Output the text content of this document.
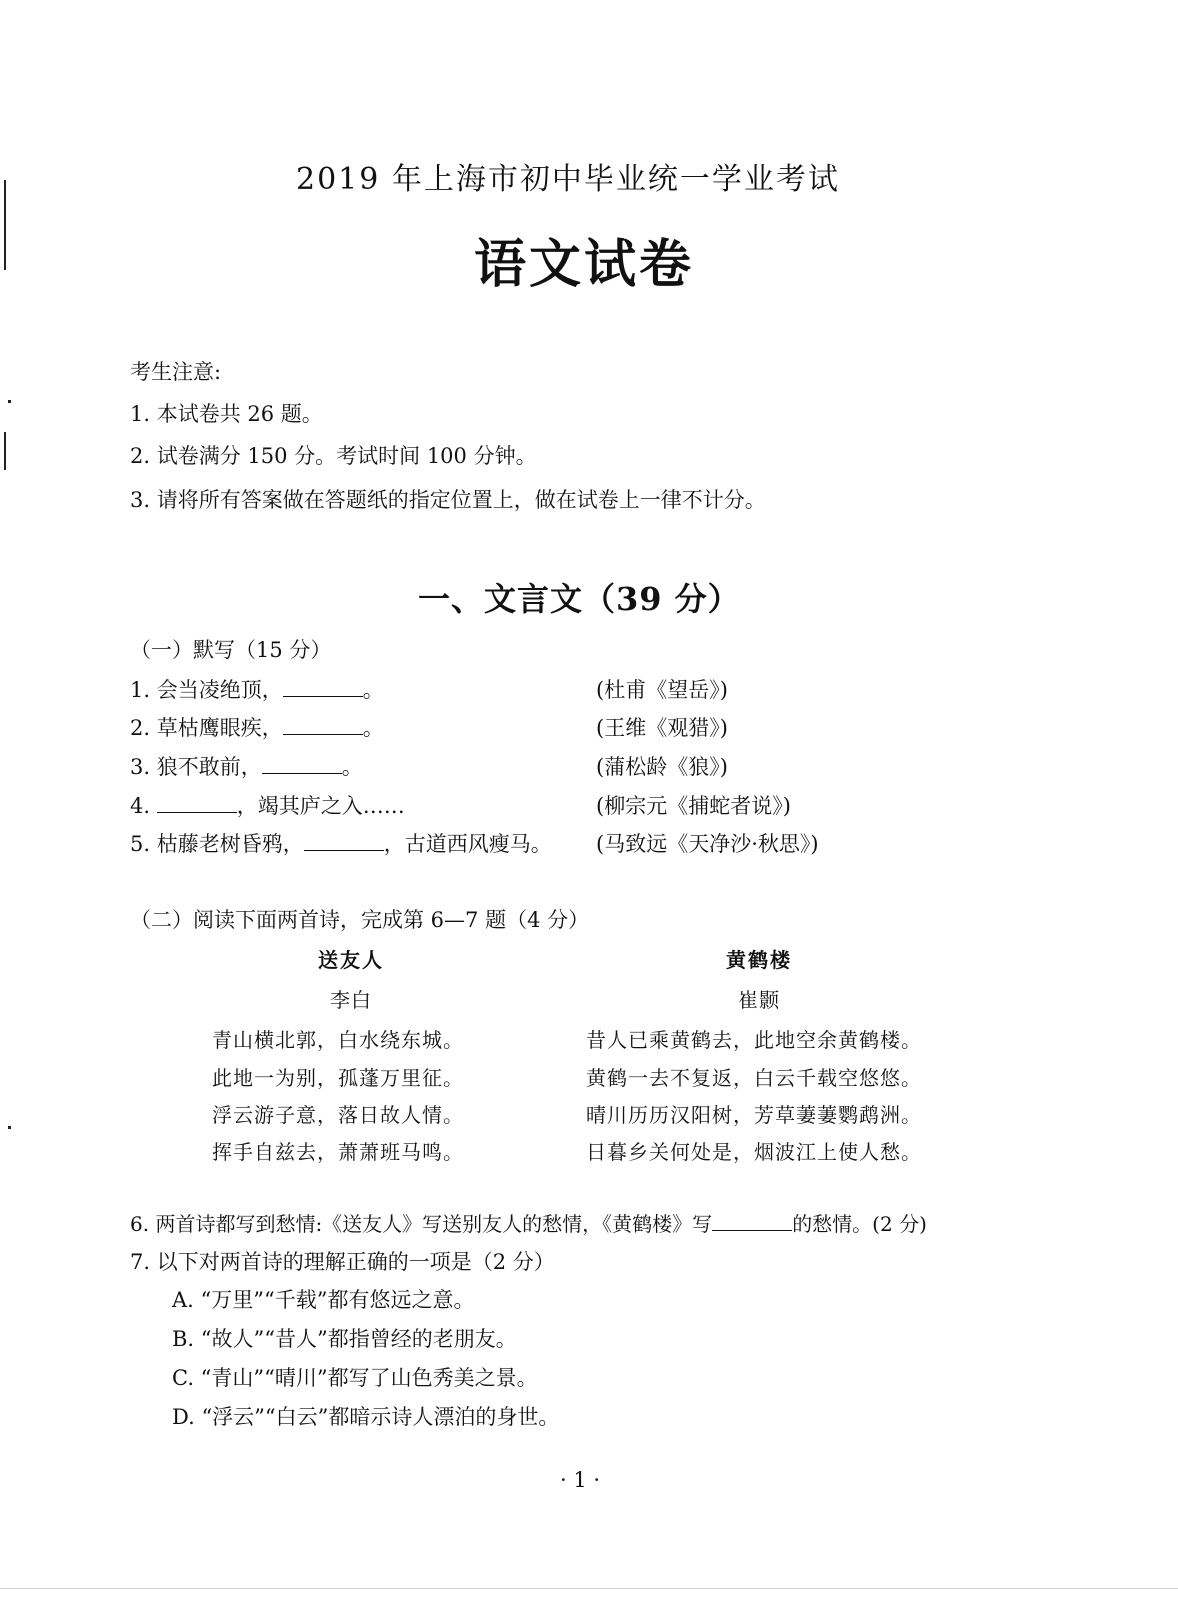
2019 年上海市初中毕业统一学业考试
语文试卷
考生注意:
1. 本试卷共 26 题。
2. 试卷满分 150 分。考试时间 100 分钟。
3. 请将所有答案做在答题纸的指定位置上，做在试卷上一律不计分。
一、文言文（39 分）
（一）默写（15 分）
1. 会当凌绝顶，	。	(杜甫《望岳》)
2. 草枯鹰眼疾，	。	(王维《观猎》)
3. 狼不敢前，	。	(蒲松龄《狼》)
4.	，竭其庐之入……	(柳宗元《捕蛇者说》)
5. 枯藤老树昏鸦，	，古道西风瘦马。 (马致远《天净沙·秋思》)
（二）阅读下面两首诗，完成第 6—7 题（4 分）
送友人
李白
青山横北郭，白水绕东城。
此地一为别，孤蓬万里征。
浮云游子意，落日故人情。
挥手自兹去，萧萧班马鸣。
黄鹤楼
崔颢
昔人已乘黄鹤去，此地空余黄鹤楼。
黄鹤一去不复返，白云千载空悠悠。
晴川历历汉阳树，芳草萋萋鹦鹉洲。
日暮乡关何处是，烟波江上使人愁。
6. 两首诗都写到愁情:《送友人》写送别友人的愁情，《黄鹤楼》写	的愁情。(2 分)
7. 以下对两首诗的理解正确的一项是（2 分）
A. “万里”“千载”都有悠远之意。
B. “故人”“昔人”都指曾经的老朋友。
C. “青山”“晴川”都写了山色秀美之景。
D. “浮云”“白云”都暗示诗人漂泊的身世。
· 1 ·
